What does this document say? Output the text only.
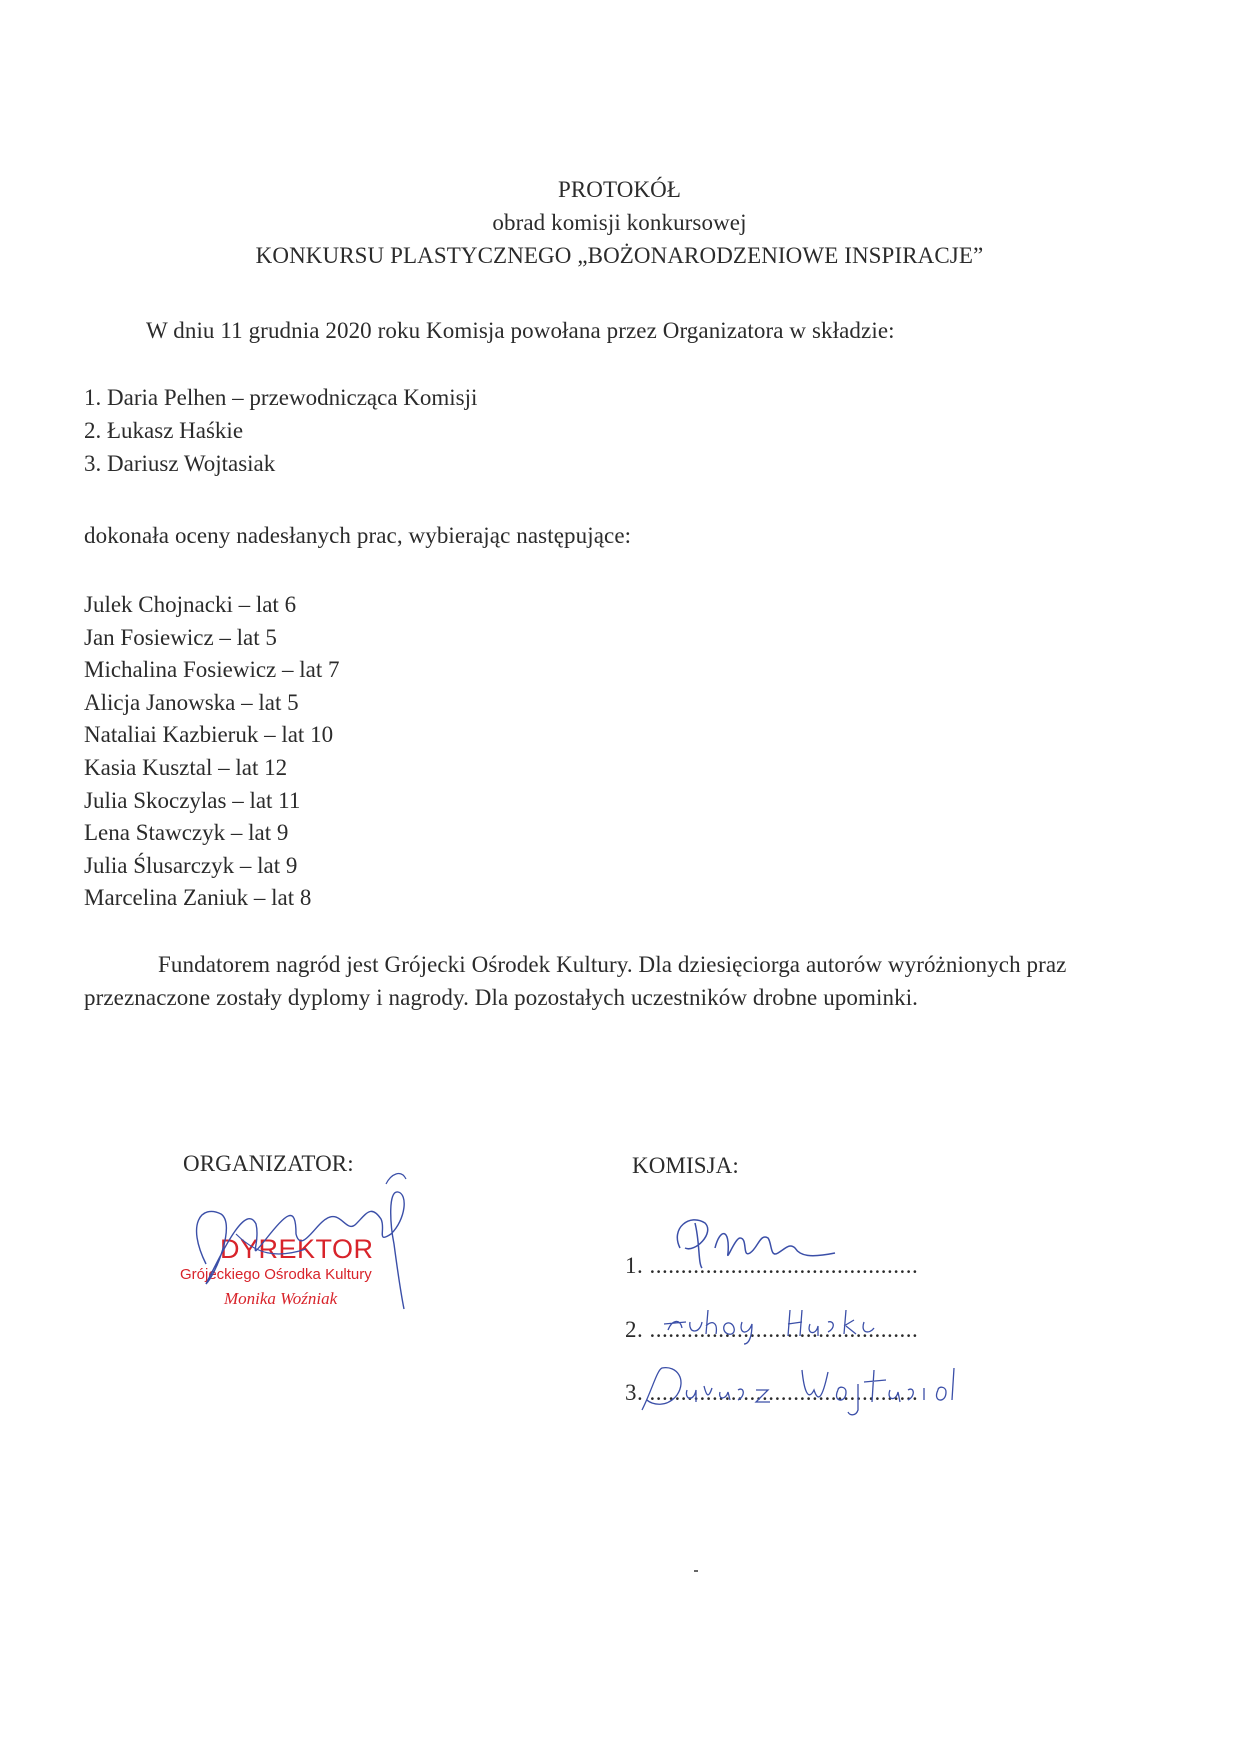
PROTOKÓŁ
obrad komisji konkursowej
KONKURSU PLASTYCZNEGO „BOŻONARODZENIOWE INSPIRACJE”
W dniu 11 grudnia 2020 roku Komisja powołana przez Organizatora w składzie:
1. Daria Pelhen – przewodnicząca Komisji
2. Łukasz Haśkie
3. Dariusz Wojtasiak
dokonała oceny nadesłanych prac, wybierając następujące:
Julek Chojnacki – lat 6
Jan Fosiewicz – lat 5
Michalina Fosiewicz – lat 7
Alicja Janowska – lat 5
Nataliai Kazbieruk – lat 10
Kasia Kusztal – lat 12
Julia Skoczylas – lat 11
Lena Stawczyk – lat 9
Julia Ślusarczyk – lat 9
Marcelina Zaniuk – lat 8
Fundatorem nagród jest Grójecki Ośrodek Kultury. Dla dziesięciorga autorów wyróżnionych praz
przeznaczone zostały dyplomy i nagrody. Dla pozostałych uczestników drobne upominki.
ORGANIZATOR:	KOMISJA:
DYREKTOR
Grójeckiego Ośrodka Kultury
Monika Woźniak
1. ...........................................
2. ...........................................
3. ...........................................
